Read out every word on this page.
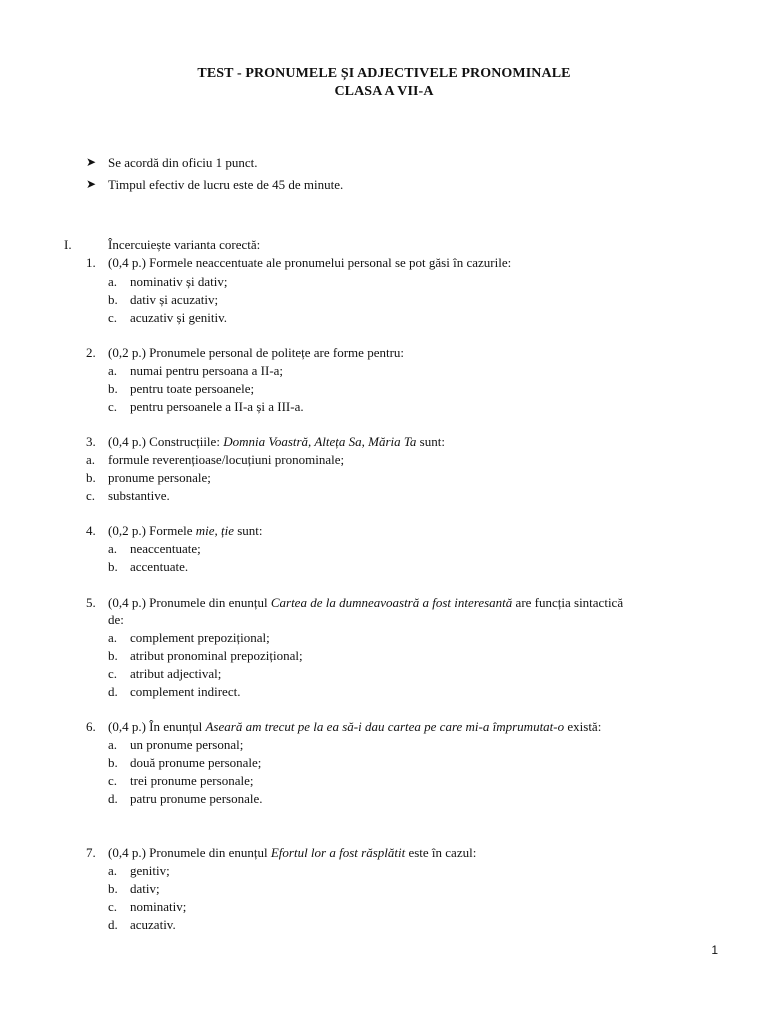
TEST - PRONUMELE ȘI ADJECTIVELE PRONOMINALE
CLASA A VII-A
➤ Se acordă din oficiu 1 punct.
➤ Timpul efectiv de lucru este de 45 de minute.
I.	Încercuiește varianta corectă:
1. (0,4 p.) Formele neaccentuate ale pronumelui personal se pot găsi în cazurile:
a. nominativ și dativ;
b. dativ și acuzativ;
c. acuzativ și genitiv.
2. (0,2 p.) Pronumele personal de politețe are forme pentru:
a. numai pentru persoana a II-a;
b. pentru toate persoanele;
c. pentru persoanele a II-a și a III-a.
3. (0,4 p.) Construcțiile: Domnia Voastră, Alteța Sa, Măria Ta sunt:
a. formule reverențioase/locuțiuni pronominale;
b. pronume personale;
c. substantive.
4. (0,2 p.) Formele mie, ție sunt:
a. neaccentuate;
b. accentuate.
5. (0,4 p.) Pronumele din enunțul Cartea de la dumneavoastră a fost interesantă are funcția sintactică
de:
a. complement prepozițional;
b. atribut pronominal prepozițional;
c. atribut adjectival;
d. complement indirect.
6. (0,4 p.) În enunțul Aseară am trecut pe la ea să-i dau cartea pe care mi-a împrumutat-o există:
a. un pronume personal;
b. două pronume personale;
c. trei pronume personale;
d. patru pronume personale.
7. (0,4 p.) Pronumele din enunțul Efortul lor a fost răsplătit este în cazul:
a. genitiv;
b. dativ;
c. nominativ;
d. acuzativ.
1
